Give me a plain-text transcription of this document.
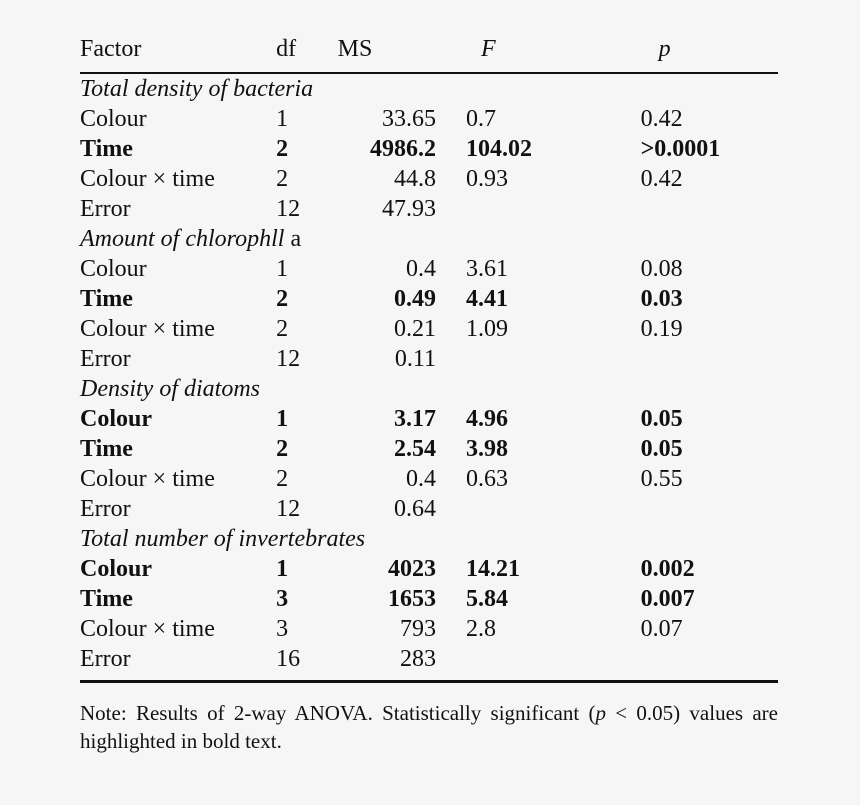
Factor	df	MS	F	p
Total density of bacteria				
Colour	1	33.65	0.7	0.42
Time	2	4986.2	104.02	>0.0001
Colour × time	2	44.8	0.93	0.42
Error	12	47.93		
Amount of chlorophll a				
Colour	1	0.4	3.61	0.08
Time	2	0.49	4.41	0.03
Colour × time	2	0.21	1.09	0.19
Error	12	0.11		
Density of diatoms				
Colour	1	3.17	4.96	0.05
Time	2	2.54	3.98	0.05
Colour × time	2	0.4	0.63	0.55
Error	12	0.64		
Total number of invertebrates				
Colour	1	4023	14.21	0.002
Time	3	1653	5.84	0.007
Colour × time	3	793	2.8	0.07
Error	16	283		
Note: Results of 2-way ANOVA. Statistically significant (p < 0.05) values are highlighted in bold text.
